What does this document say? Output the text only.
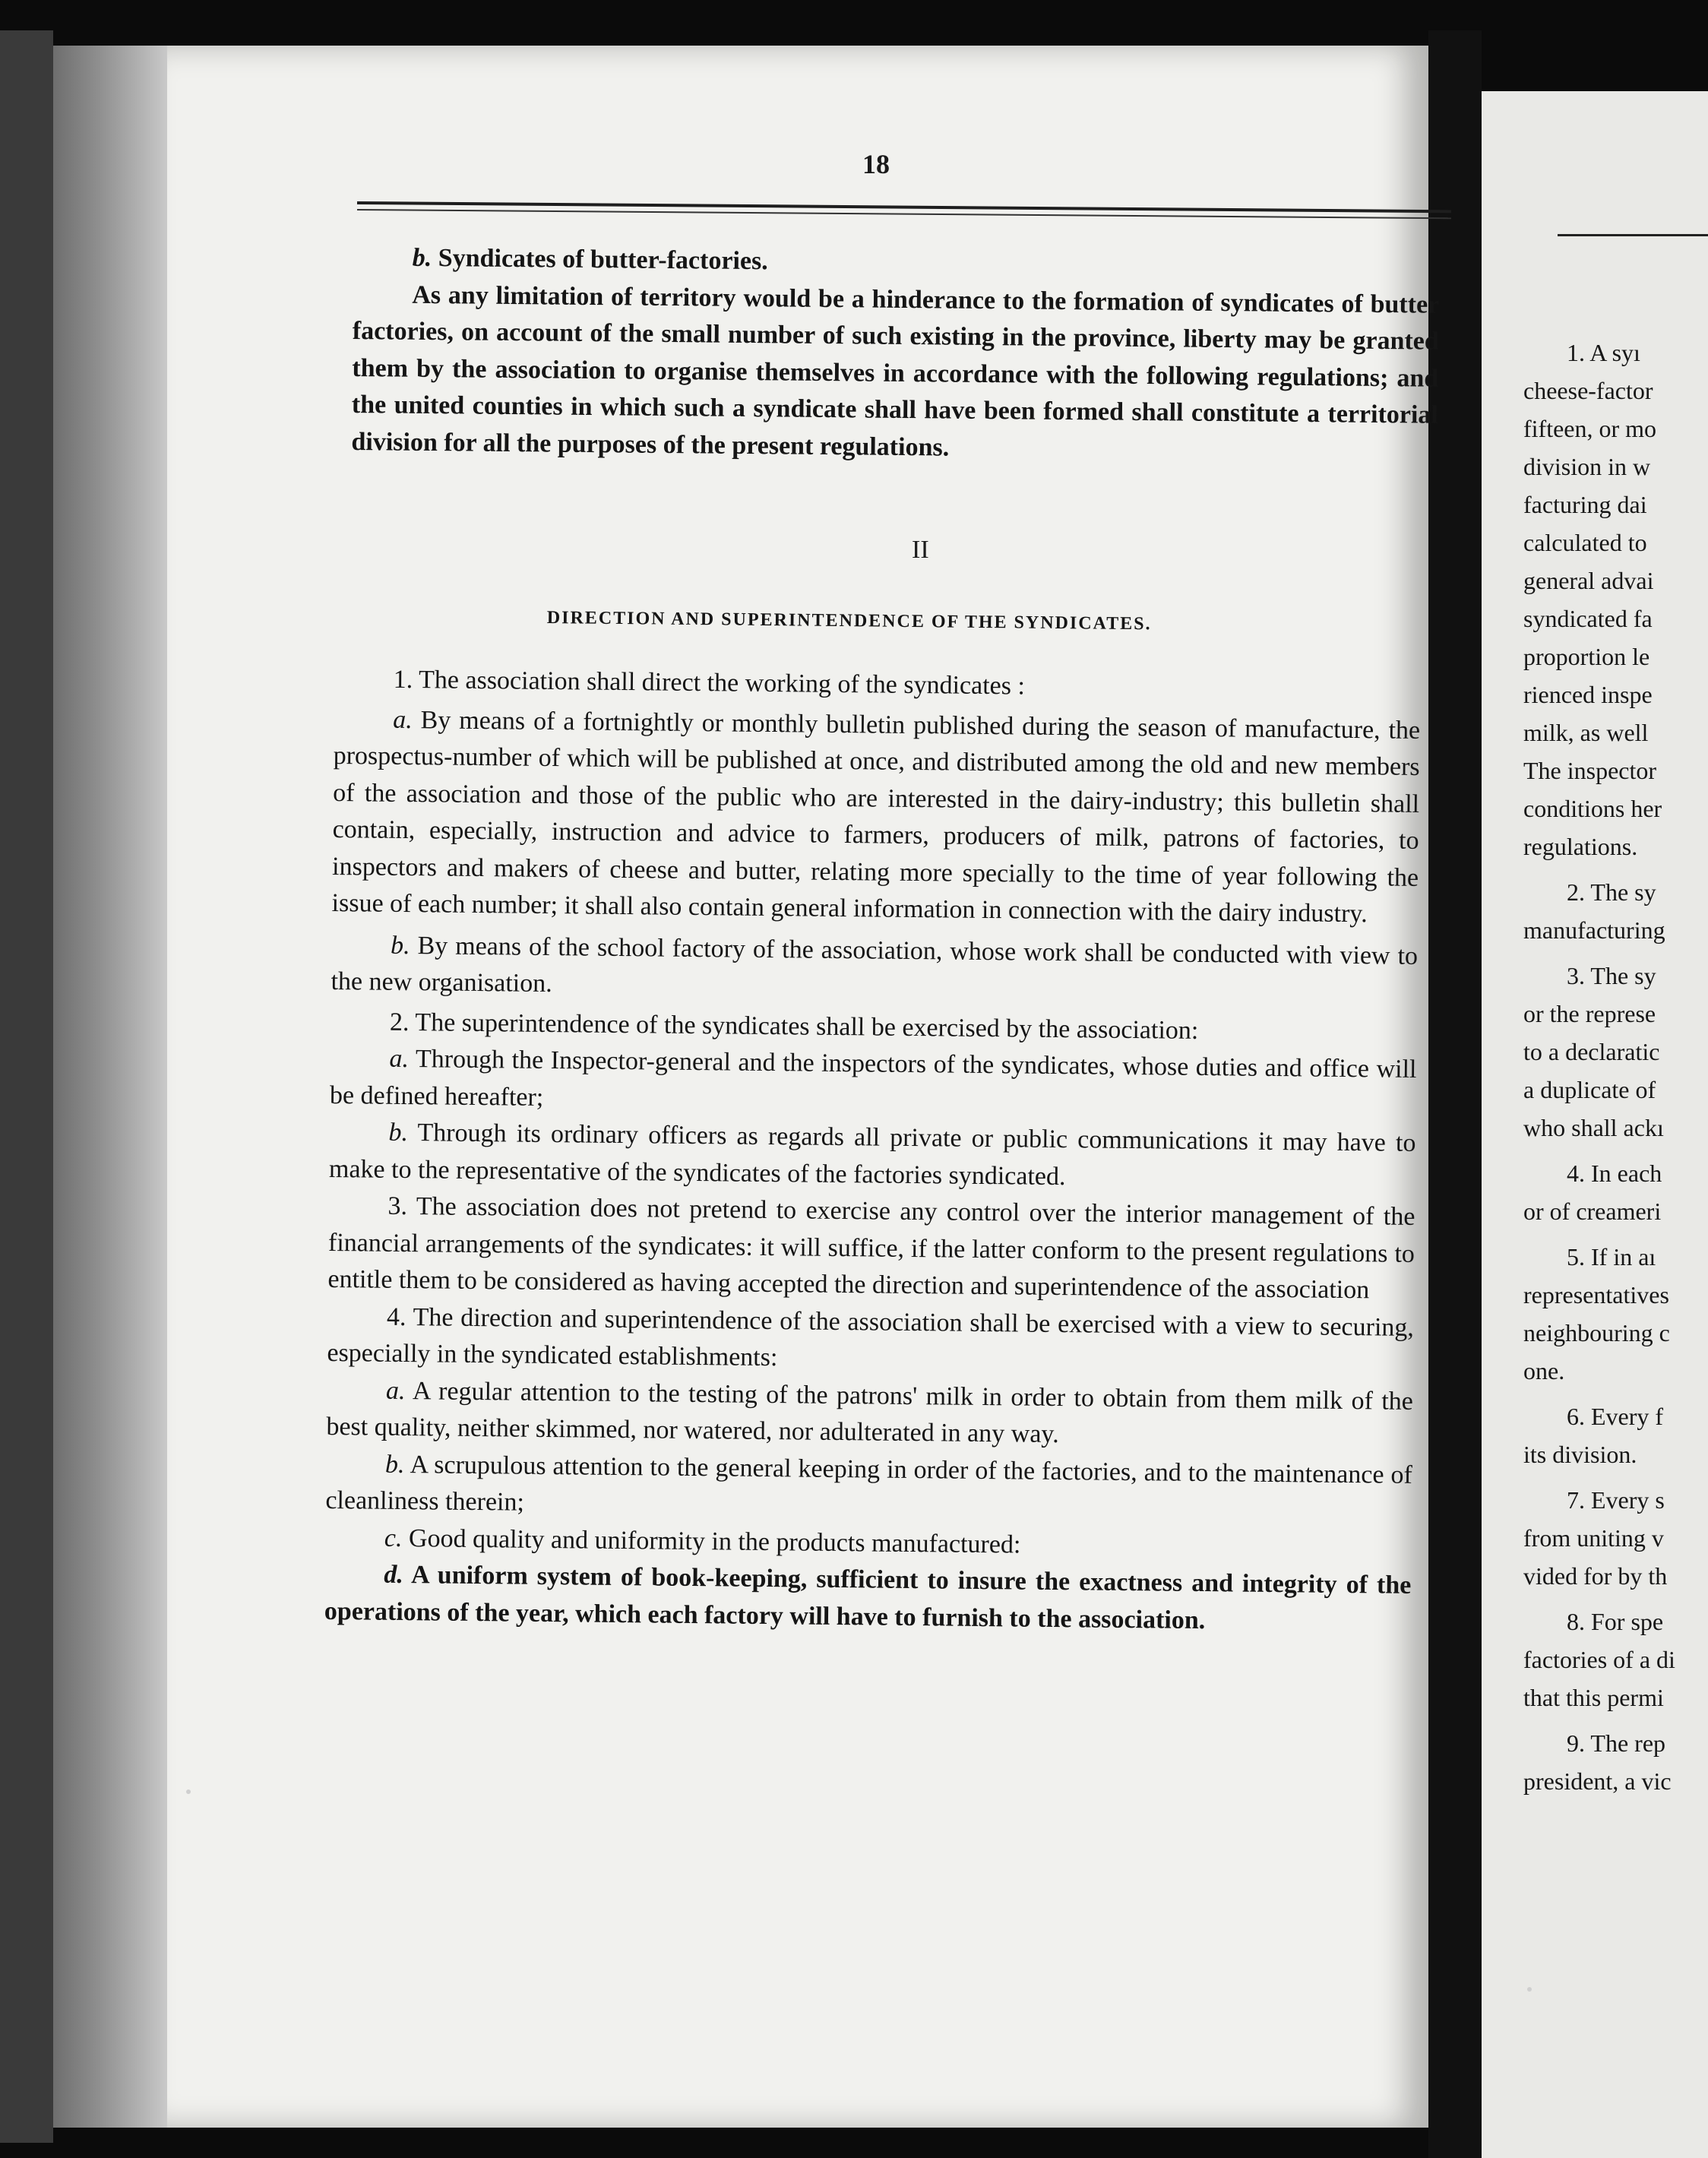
18

b. Syndicates of butter-factories.

As any limitation of territory would be a hinderance to the formation of syndicates of butter factories, on account of the small number of such existing in the province, liberty may be granted them by the association to organise themselves in accordance with the following regulations; and the united counties in which such a syndicate shall have been formed shall constitute a territorial division for all the purposes of the present regulations.

II
DIRECTION AND SUPERINTENDENCE OF THE SYNDICATES.

1. The association shall direct the working of the syndicates :

a. By means of a fortnightly or monthly bulletin published during the season of manufacture, the prospectus-number of which will be published at once, and distributed among the old and new members of the association and those of the public who are interested in the dairy-industry; this bulletin shall contain, especially, instruction and advice to farmers, producers of milk, patrons of factories, to inspectors and makers of cheese and butter, relating more specially to the time of year following the issue of each number; it shall also contain general information in connection with the dairy industry.

b. By means of the school factory of the association, whose work shall be conducted with view to the new organisation.

2. The superintendence of the syndicates shall be exercised by the association:

a. Through the Inspector-general and the inspectors of the syndicates, whose duties and office will be defined hereafter;

b. Through its ordinary officers as regards all private or public communications it may have to make to the representative of the syndicates of the factories syndicated.

3. The association does not pretend to exercise any control over the interior management of the financial arrangements of the syndicates: it will suffice, if the latter conform to the present regulations to entitle them to be considered as having accepted the direction and superintendence of the association

4. The direction and superintendence of the association shall be exercised with a view to securing, especially in the syndicated establishments:

a. A regular attention to the testing of the patrons' milk in order to obtain from them milk of the best quality, neither skimmed, nor watered, nor adulterated in any way.

b. A scrupulous attention to the general keeping in order of the factories, and to the maintenance of cleanliness therein;

c. Good quality and uniformity in the products manufactured:

d. A uniform system of book-keeping, sufficient to insure the exactness and integrity of the operations of the year, which each factory will have to furnish to the association.

1. A syı
cheese-factor
fifteen, or mo
division in w
facturing dai
calculated to
general advai
syndicated fa
proportion le
rienced inspe
milk, as well
The inspector
conditions her
regulations.
2. The sy
manufacturing
3. The sy
or the represe
to a declaratic
a duplicate of
who shall ackı
4. In each
or of creameri
5. If in aı
representatives
neighbouring c
one.
6. Every f
its division.
7. Every s
from uniting v
vided for by th
8. For spe
factories of a di
that this permi
9. The rep
president, a vic
